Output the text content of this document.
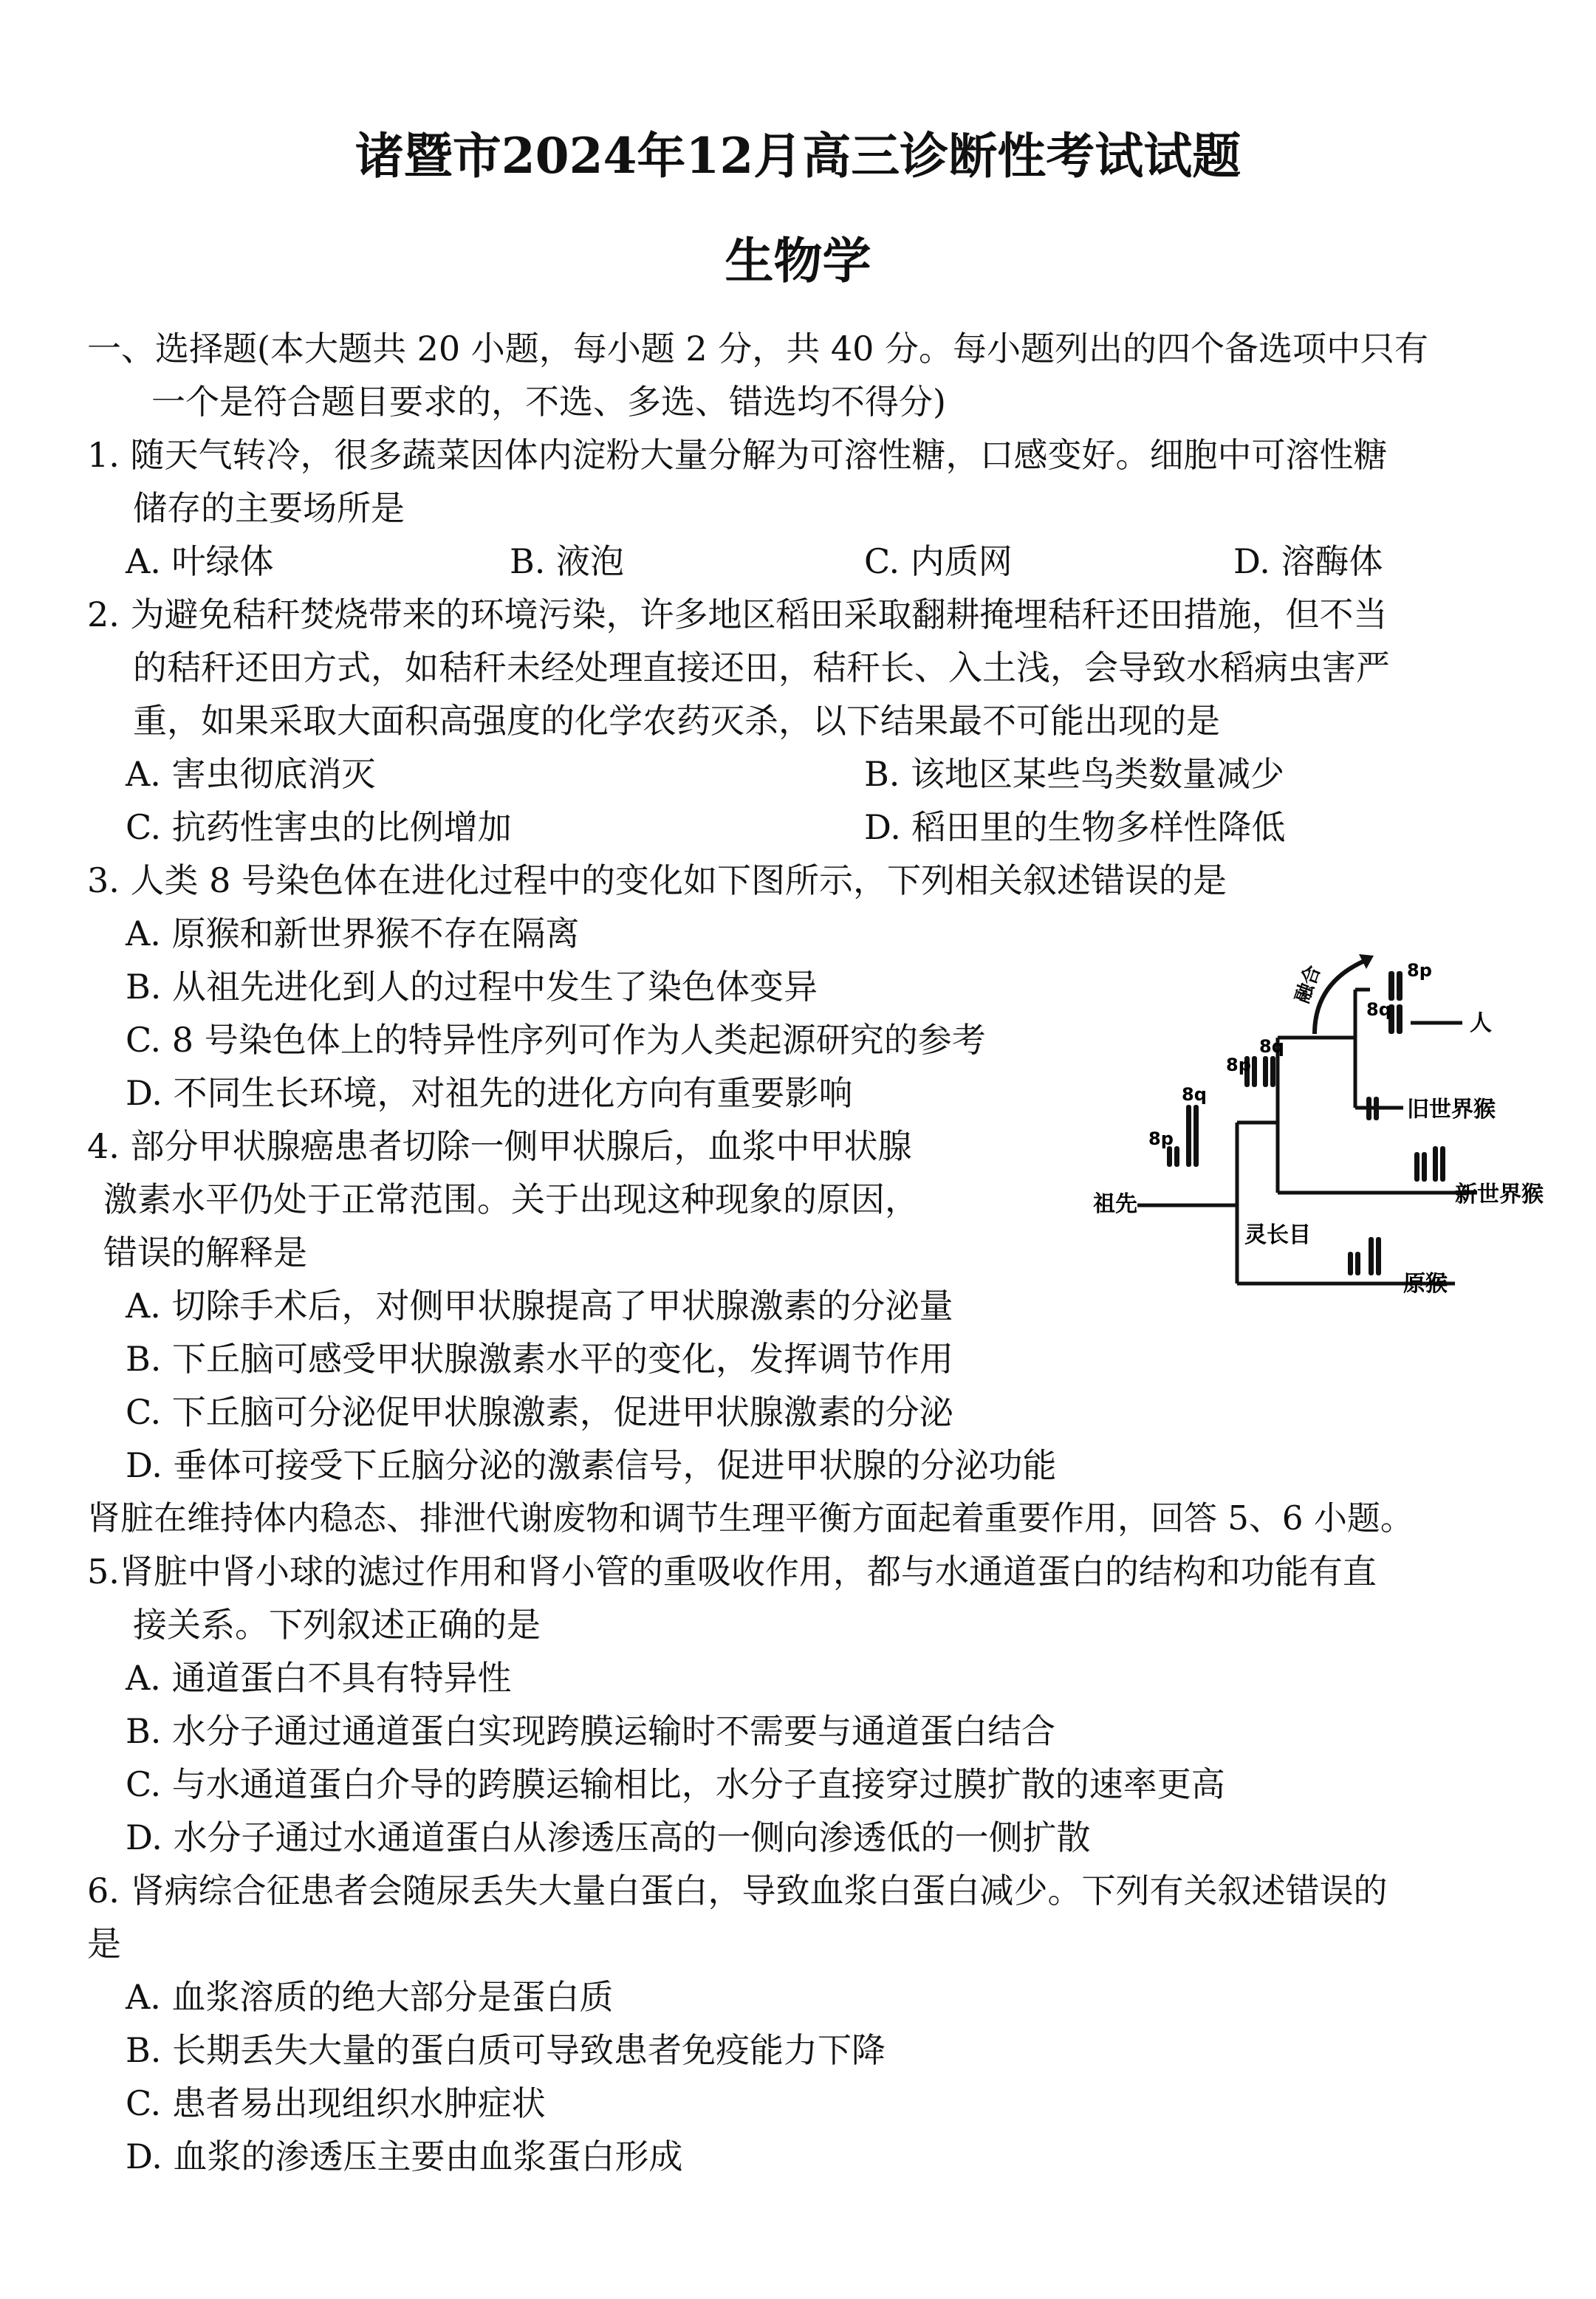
诸暨市2024年12月高三诊断性考试试题
生物学
一、选择题(本大题共 20 小题，每小题 2 分，共 40 分。每小题列出的四个备选项中只有
一个是符合题目要求的，不选、多选、错选均不得分)
1. 随天气转冷，很多蔬菜因体内淀粉大量分解为可溶性糖，口感变好。细胞中可溶性糖
储存的主要场所是
A. 叶绿体	B. 液泡	C. 内质网	D. 溶酶体
2. 为避免秸秆焚烧带来的环境污染，许多地区稻田采取翻耕掩埋秸秆还田措施，但不当
的秸秆还田方式，如秸秆未经处理直接还田，秸秆长、入土浅，会导致水稻病虫害严
重，如果采取大面积高强度的化学农药灭杀，以下结果最不可能出现的是
A. 害虫彻底消灭	B. 该地区某些鸟类数量减少
C. 抗药性害虫的比例增加	D. 稻田里的生物多样性降低
3. 人类 8 号染色体在进化过程中的变化如下图所示，下列相关叙述错误的是
A. 原猴和新世界猴不存在隔离
B. 从祖先进化到人的过程中发生了染色体变异
C. 8 号染色体上的特异性序列可作为人类起源研究的参考
D. 不同生长环境，对祖先的进化方向有重要影响
融合	8p
8q
8q
8p
8q
8p
人
旧世界猴
新世界猴
祖先
灵长目
原猴
4. 部分甲状腺癌患者切除一侧甲状腺后，血浆中甲状腺
激素水平仍处于正常范围。关于出现这种现象的原因，
错误的解释是
A. 切除手术后，对侧甲状腺提高了甲状腺激素的分泌量
B. 下丘脑可感受甲状腺激素水平的变化，发挥调节作用
C. 下丘脑可分泌促甲状腺激素，促进甲状腺激素的分泌
D. 垂体可接受下丘脑分泌的激素信号，促进甲状腺的分泌功能
肾脏在维持体内稳态、排泄代谢废物和调节生理平衡方面起着重要作用，回答 5、6 小题。
5.肾脏中肾小球的滤过作用和肾小管的重吸收作用，都与水通道蛋白的结构和功能有直
接关系。下列叙述正确的是
A. 通道蛋白不具有特异性
B. 水分子通过通道蛋白实现跨膜运输时不需要与通道蛋白结合
C. 与水通道蛋白介导的跨膜运输相比，水分子直接穿过膜扩散的速率更高
D. 水分子通过水通道蛋白从渗透压高的一侧向渗透低的一侧扩散
6. 肾病综合征患者会随尿丢失大量白蛋白，导致血浆白蛋白减少。下列有关叙述错误的
是
A. 血浆溶质的绝大部分是蛋白质
B. 长期丢失大量的蛋白质可导致患者免疫能力下降
C. 患者易出现组织水肿症状
D. 血浆的渗透压主要由血浆蛋白形成
